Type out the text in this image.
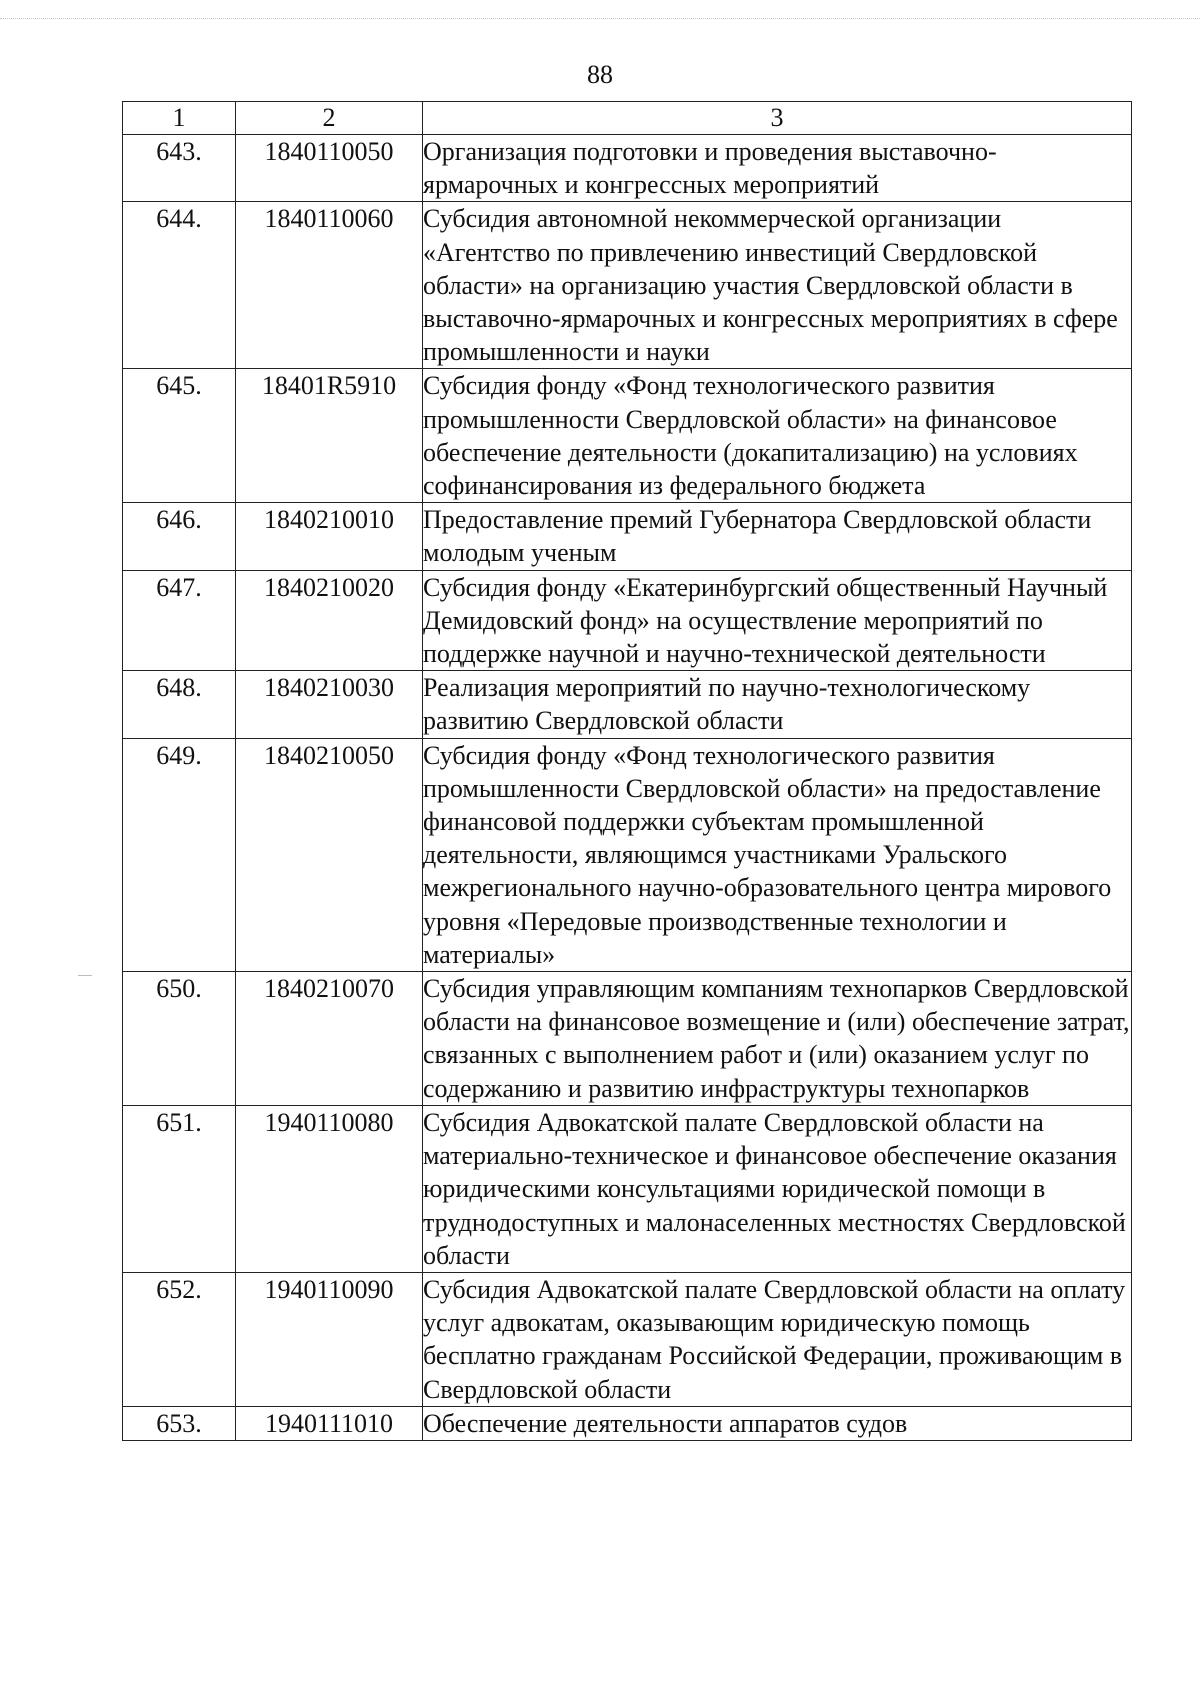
88
1	2	3
643.	1840110050	Организация подготовки и проведения выставочно-ярмарочных и конгрессных мероприятий
644.	1840110060	Субсидия автономной некоммерческой организации «Агентство по привлечению инвестиций Свердловской области» на организацию участия Свердловской области в выставочно-ярмарочных и конгрессных мероприятиях в сфере промышленности и науки
645.	18401R5910	Субсидия фонду «Фонд технологического развития промышленности Свердловской области» на финансовое обеспечение деятельности (докапитализацию) на условиях софинансирования из федерального бюджета
646.	1840210010	Предоставление премий Губернатора Свердловской области молодым ученым
647.	1840210020	Субсидия фонду «Екатеринбургский общественный Научный Демидовский фонд» на осуществление мероприятий по поддержке научной и научно-технической деятельности
648.	1840210030	Реализация мероприятий по научно-технологическому развитию Свердловской области
649.	1840210050	Субсидия фонду «Фонд технологического развития промышленности Свердловской области» на предоставление финансовой поддержки субъектам промышленной деятельности, являющимся участниками Уральского межрегионального научно-образовательного центра мирового уровня «Передовые производственные технологии и материалы»
650.	1840210070	Субсидия управляющим компаниям технопарков Свердловской области на финансовое возмещение и (или) обеспечение затрат, связанных с выполнением работ и (или) оказанием услуг по содержанию и развитию инфраструктуры технопарков
651.	1940110080	Субсидия Адвокатской палате Свердловской области на материально-техническое и финансовое обеспечение оказания юридическими консультациями юридической помощи в труднодоступных и малонаселенных местностях Свердловской области
652.	1940110090	Субсидия Адвокатской палате Свердловской области на оплату услуг адвокатам, оказывающим юридическую помощь бесплатно гражданам Российской Федерации, проживающим в Свердловской области
653.	1940111010	Обеспечение деятельности аппаратов судов
